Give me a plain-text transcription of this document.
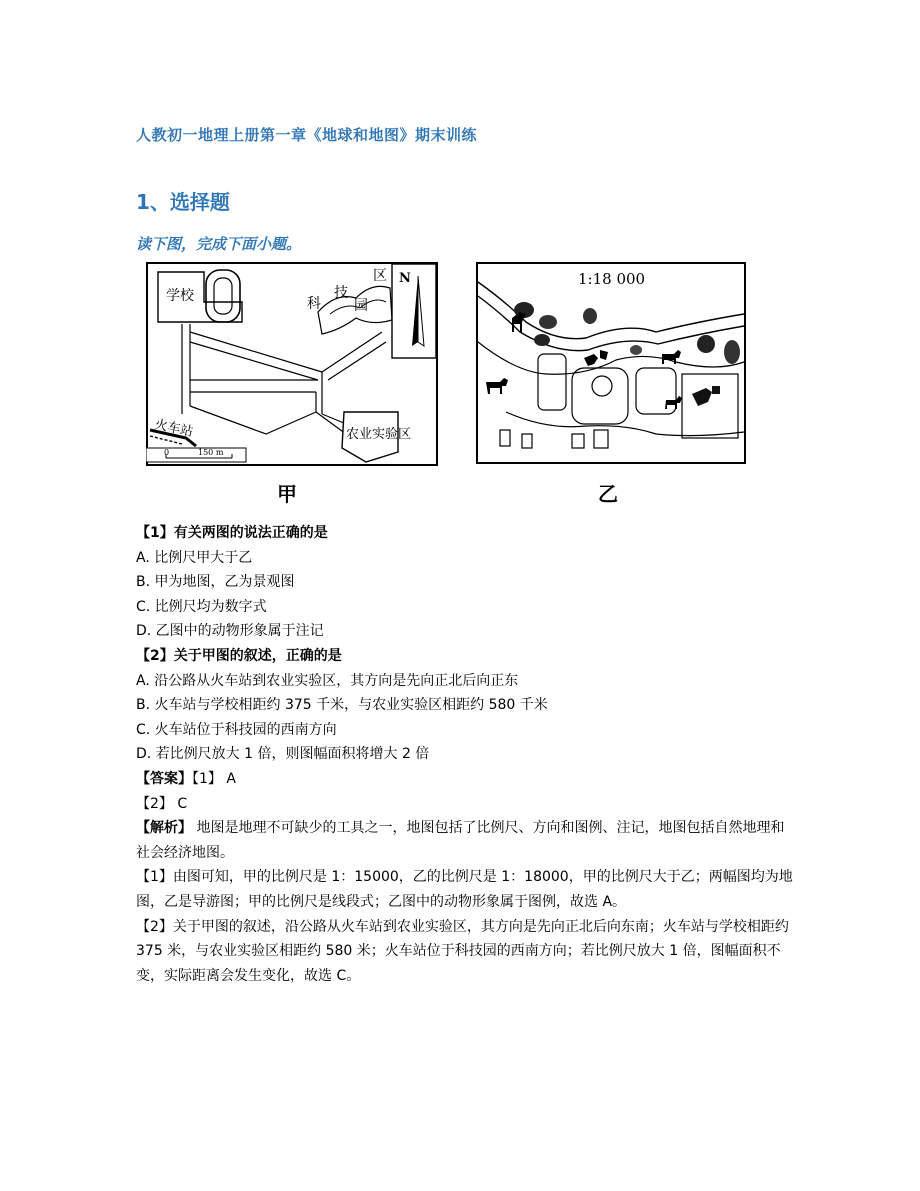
人教初一地理上册第一章《地球和地图》期末训练
1、选择题
读下图，完成下面小题。
学校
园
区
科
技
N
农业实验区
火车站
0	150 m
甲
1:18 000
乙

【1】有关两图的说法正确的是

A. 比例尺甲大于乙

B. 甲为地图，乙为景观图

C. 比例尺均为数字式

D. 乙图中的动物形象属于注记

【2】关于甲图的叙述，正确的是

A. 沿公路从火车站到农业实验区，其方向是先向正北后向正东

B. 火车站与学校相距约 375 千米，与农业实验区相距约 580 千米

C. 火车站位于科技园的西南方向

D. 若比例尺放大 1 倍，则图幅面积将增大 2 倍

【答案】【1】 A

【2】 C

【解析】 地图是地理不可缺少的工具之一，地图包括了比例尺、方向和图例、注记，地图包括自然地理和社会经济地图。

【1】由图可知，甲的比例尺是 1：15000，乙的比例尺是 1：18000，甲的比例尺大于乙；两幅图均为地图，乙是导游图；甲的比例尺是线段式；乙图中的动物形象属于图例，故选 A。

【2】关于甲图的叙述，沿公路从火车站到农业实验区，其方向是先向正北后向东南；火车站与学校相距约 375 米，与农业实验区相距约 580 米；火车站位于科技园的西南方向；若比例尺放大 1 倍，图幅面积不变，实际距离会发生变化，故选 C。
